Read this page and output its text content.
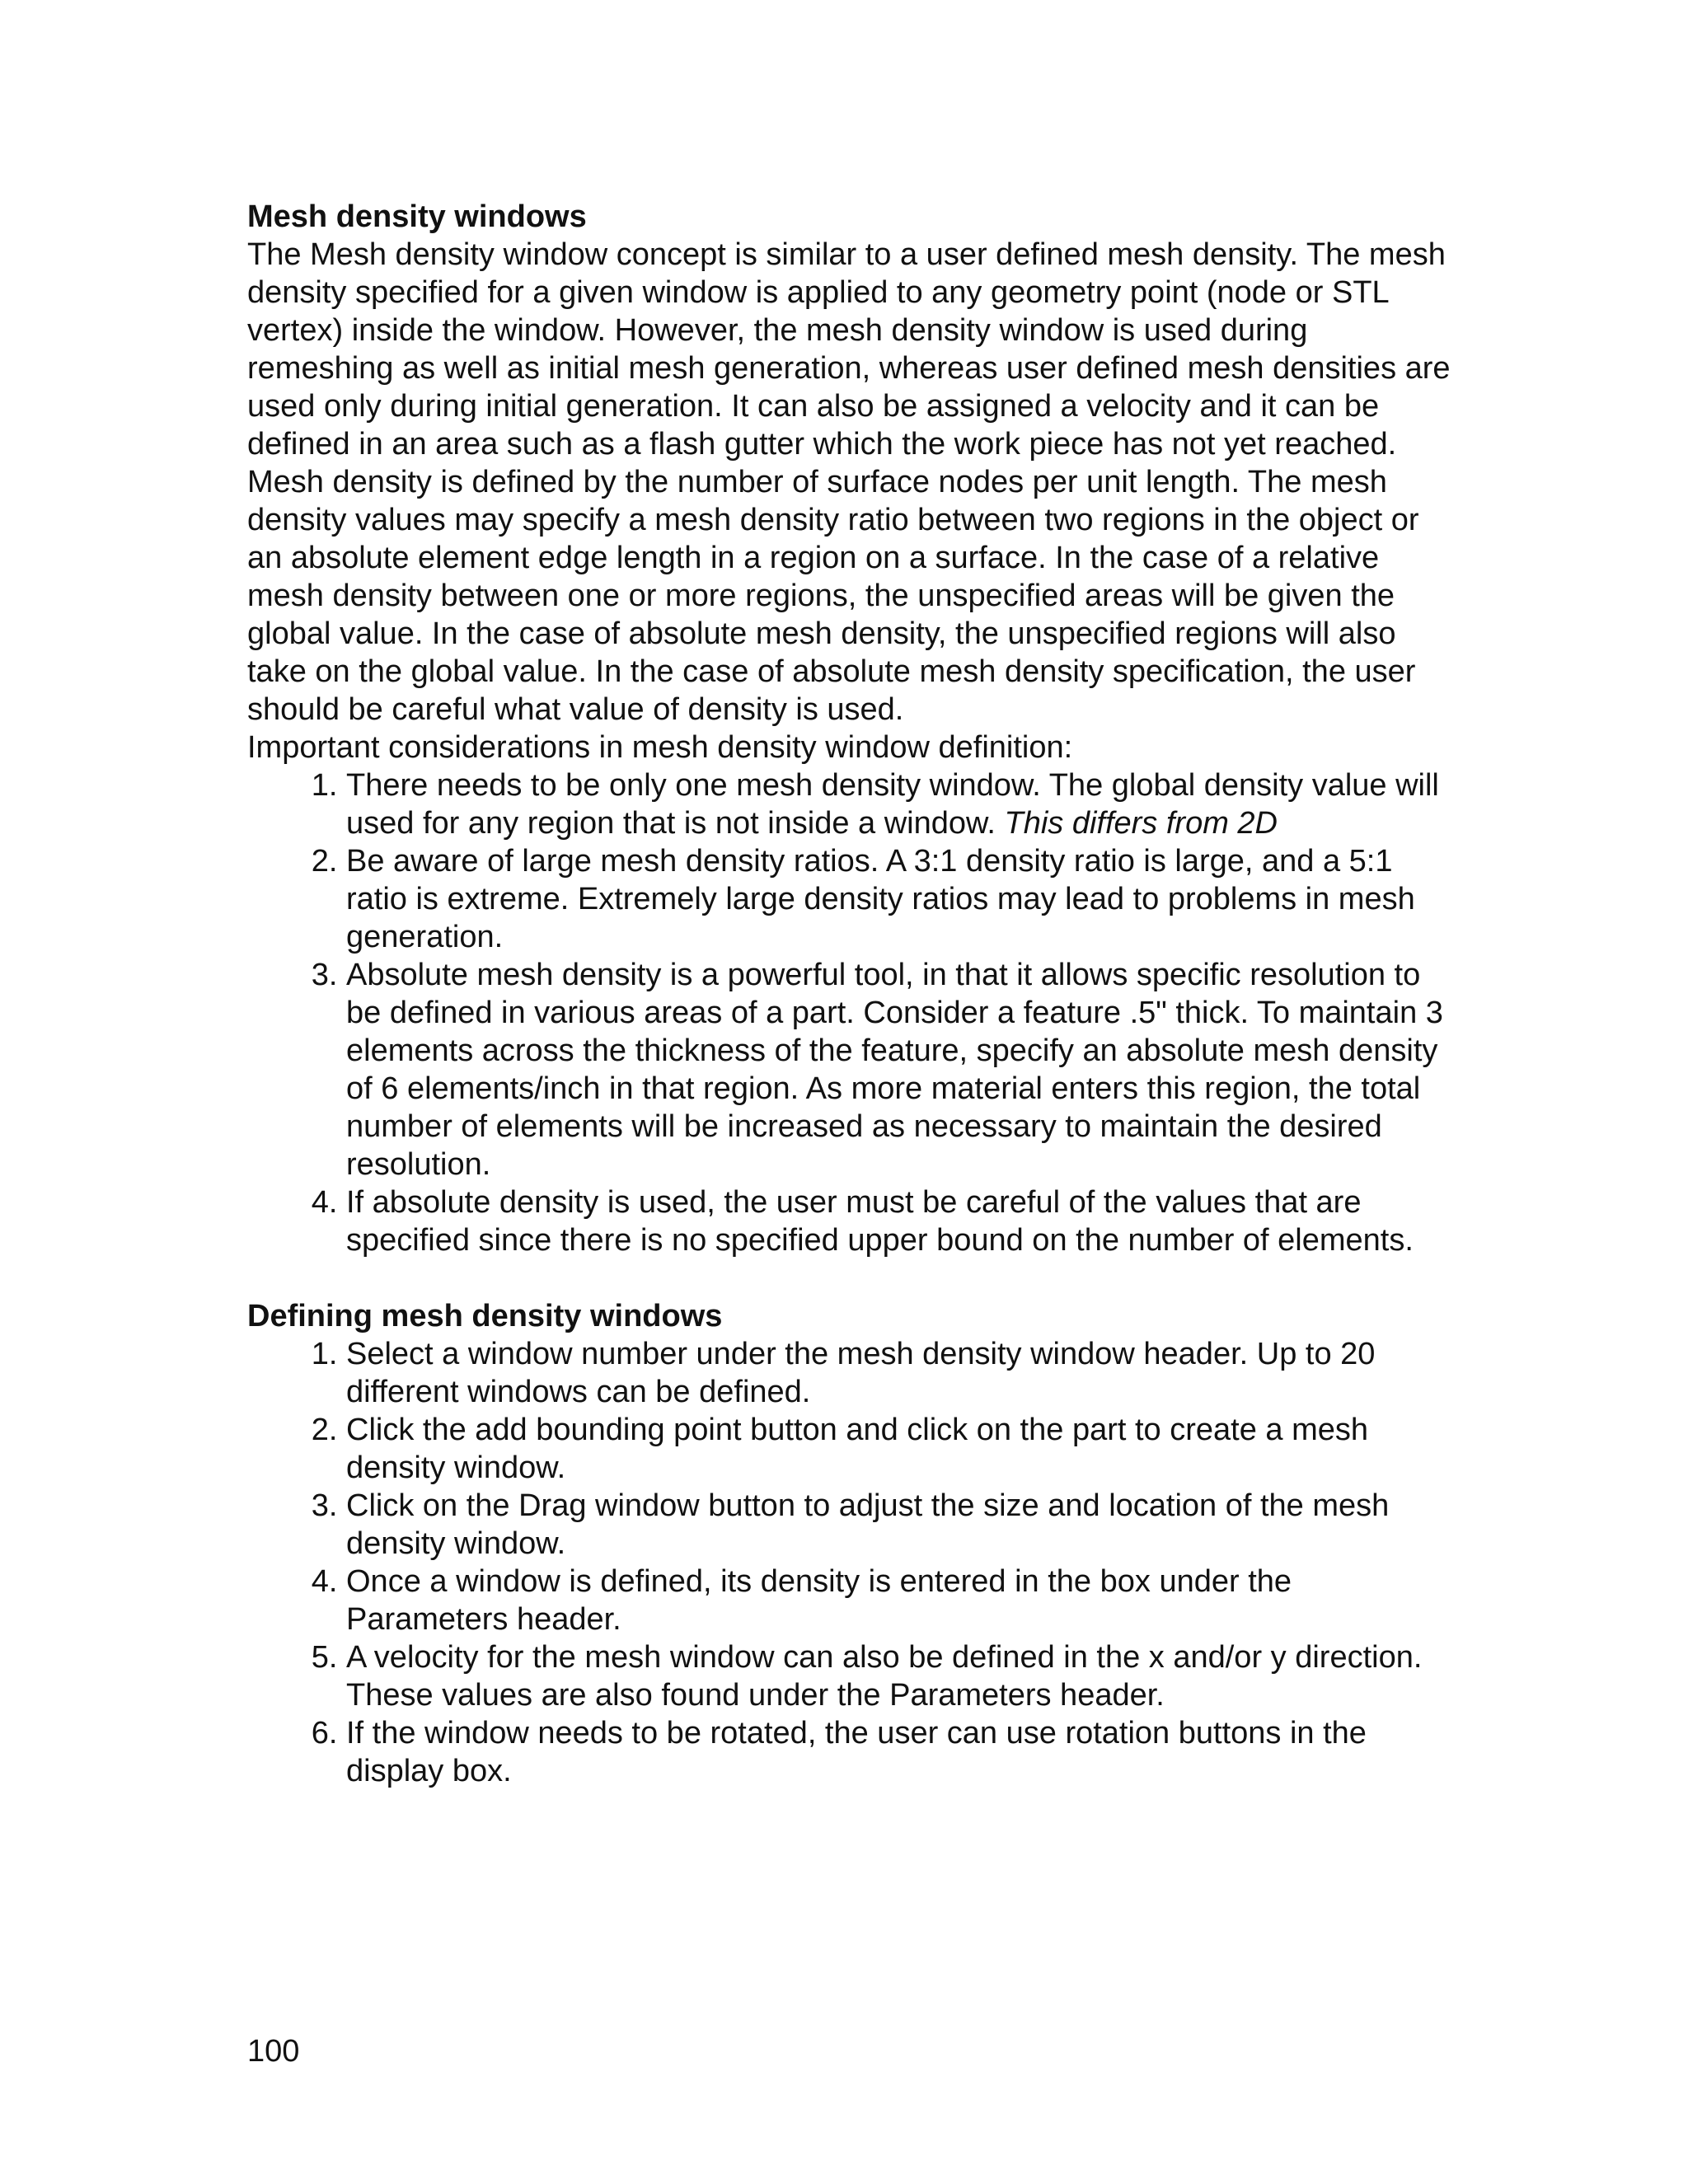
Mesh density windows

The Mesh density window concept is similar to a user defined mesh density. The mesh density specified for a given window is applied to any geometry point (node or STL vertex) inside the window. However, the mesh density window is used during remeshing as well as initial mesh generation, whereas user defined mesh densities are used only during initial generation. It can also be assigned a velocity and it can be defined in an area such as a flash gutter which the work piece has not yet reached.

Mesh density is defined by the number of surface nodes per unit length. The mesh density values may specify a mesh density ratio between two regions in the object or an absolute element edge length in a region on a surface. In the case of a relative mesh density between one or more regions, the unspecified areas will be given the global value. In the case of absolute mesh density, the unspecified regions will also take on the global value. In the case of absolute mesh density specification, the user should be careful what value of density is used.

Important considerations in mesh density window definition:

1. There needs to be only one mesh density window. The global density value will used for any region that is not inside a window. This differs from 2D
2. Be aware of large mesh density ratios. A 3:1 density ratio is large, and a 5:1 ratio is extreme. Extremely large density ratios may lead to problems in mesh generation.
3. Absolute mesh density is a powerful tool, in that it allows specific resolution to be defined in various areas of a part. Consider a feature .5" thick. To maintain 3 elements across the thickness of the feature, specify an absolute mesh density of 6 elements/inch in that region. As more material enters this region, the total number of elements will be increased as necessary to maintain the desired resolution.
4. If absolute density is used, the user must be careful of the values that are specified since there is no specified upper bound on the number of elements.

Defining mesh density windows

1. Select a window number under the mesh density window header. Up to 20 different windows can be defined.
2. Click the add bounding point button and click on the part to create a mesh density window.
3. Click on the Drag window button to adjust the size and location of the mesh density window.
4. Once a window is defined, its density is entered in the box under the Parameters header.
5. A velocity for the mesh window can also be defined in the x and/or y direction. These values are also found under the Parameters header.
6. If the window needs to be rotated, the user can use rotation buttons in the display box.
100
